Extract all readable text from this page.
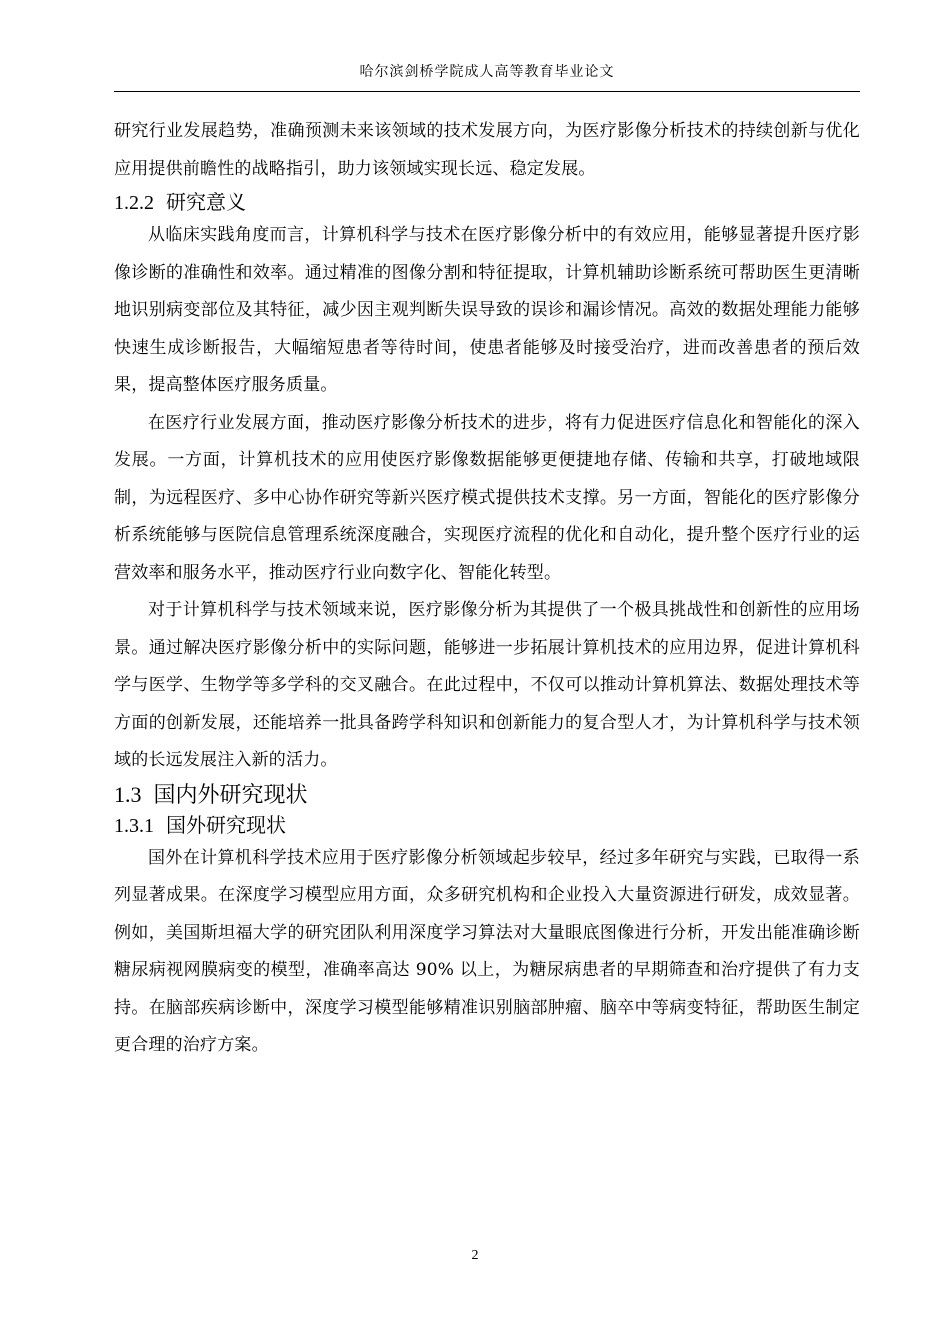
哈尔滨剑桥学院成人高等教育毕业论文

研究行业发展趋势，准确预测未来该领域的技术发展方向，为医疗影像分析技术的持续创新与优化应用提供前瞻性的战略指引，助力该领域实现长远、稳定发展。

1.2.2 研究意义

从临床实践角度而言，计算机科学与技术在医疗影像分析中的有效应用，能够显著提升医疗影像诊断的准确性和效率。通过精准的图像分割和特征提取，计算机辅助诊断系统可帮助医生更清晰地识别病变部位及其特征，减少因主观判断失误导致的误诊和漏诊情况。高效的数据处理能力能够快速生成诊断报告，大幅缩短患者等待时间，使患者能够及时接受治疗，进而改善患者的预后效果，提高整体医疗服务质量。

在医疗行业发展方面，推动医疗影像分析技术的进步，将有力促进医疗信息化和智能化的深入发展。一方面，计算机技术的应用使医疗影像数据能够更便捷地存储、传输和共享，打破地域限制，为远程医疗、多中心协作研究等新兴医疗模式提供技术支撑。另一方面，智能化的医疗影像分析系统能够与医院信息管理系统深度融合，实现医疗流程的优化和自动化，提升整个医疗行业的运营效率和服务水平，推动医疗行业向数字化、智能化转型。

对于计算机科学与技术领域来说，医疗影像分析为其提供了一个极具挑战性和创新性的应用场景。通过解决医疗影像分析中的实际问题，能够进一步拓展计算机技术的应用边界，促进计算机科学与医学、生物学等多学科的交叉融合。在此过程中，不仅可以推动计算机算法、数据处理技术等方面的创新发展，还能培养一批具备跨学科知识和创新能力的复合型人才，为计算机科学与技术领域的长远发展注入新的活力。

1.3 国内外研究现状
1.3.1 国外研究现状

国外在计算机科学技术应用于医疗影像分析领域起步较早，经过多年研究与实践，已取得一系列显著成果。在深度学习模型应用方面，众多研究机构和企业投入大量资源进行研发，成效显著。例如，美国斯坦福大学的研究团队利用深度学习算法对大量眼底图像进行分析，开发出能准确诊断糖尿病视网膜病变的模型，准确率高达 90% 以上，为糖尿病患者的早期筛查和治疗提供了有力支持。在脑部疾病诊断中，深度学习模型能够精准识别脑部肿瘤、脑卒中等病变特征，帮助医生制定更合理的治疗方案。

2
